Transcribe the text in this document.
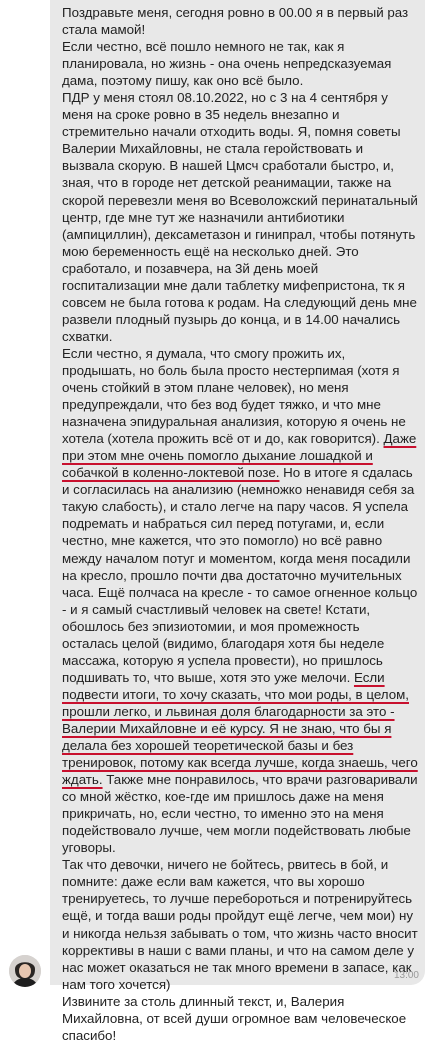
Поздравьте меня, сегодня ровно в 00.00 я в первый раз стала мамой!

Если честно, всё пошло немного не так, как я планировала, но жизнь - она очень непредсказуемая дама, поэтому пишу, как оно всё было.

ПДР у меня стоял 08.10.2022, но с 3 на 4 сентября у меня на сроке ровно в 35 недель внезапно и стремительно начали отходить воды. Я, помня советы Валерии Михайловны, не стала геройствовать и вызвала скорую. В нашей Цмсч сработали быстро, и, зная, что в городе нет детской реанимации, также на скорой перевезли меня во Всеволожский перинатальный центр, где мне тут же назначили антибиотики (ампициллин), дексаметазон и гинипрал, чтобы потянуть мою беременность ещё на несколько дней. Это сработало, и позавчера, на 3й день моей госпитализации мне дали таблетку мифепристона, тк я совсем не была готова к родам. На следующий день мне развели плодный пузырь до конца, и в 14.00 начались схватки.

Если честно, я думала, что смогу прожить их, продышать, но боль была просто нестерпимая (хотя я очень стойкий в этом плане человек), но меня предупреждали, что без вод будет тяжко, и что мне назначена эпидуральная анализия, которую я очень не хотела (хотела прожить всё от и до, как говорится). Даже при этом мне очень помогло дыхание лошадкой и собачкой в коленно-локтевой позе. Но в итоге я сдалась и согласилась на анализию (немножко ненавидя себя за такую слабость), и стало легче на пару часов. Я успела подремать и набраться сил перед потугами, и, если честно, мне кажется, что это помогло) но всё равно между началом потуг и моментом, когда меня посадили на кресло, прошло почти два достаточно мучительных часа. Ещё полчаса на кресле - то самое огненное кольцо - и я самый счастливый человек на свете! Кстати, обошлось без эпизиотомии, и моя промежность осталась целой (видимо, благодаря хотя бы неделе массажа, которую я успела провести), но пришлось подшивать то, что выше, хотя это уже мелочи. Если подвести итоги, то хочу сказать, что мои роды, в целом, прошли легко, и львиная доля благодарности за это - Валерии Михайловне и её курсу. Я не знаю, что бы я делала без хорошей теоретической базы и без тренировок, потому как всегда лучше, когда знаешь, чего ждать. Также мне понравилось, что врачи разговаривали со мной жёстко, кое-где им пришлось даже на меня прикричать, но, если честно, то именно это на меня подействовало лучше, чем могли подействовать любые уговоры.

Так что девочки, ничего не бойтесь, рвитесь в бой, и помните: даже если вам кажется, что вы хорошо тренируетесь, то лучше перебороться и потренируйтесь ещё, и тогда ваши роды пройдут ещё легче, чем мои) ну и никогда нельзя забывать о том, что жизнь часто вносит коррективы в наши с вами планы, и что на самом деле у нас может оказаться не так много времени в запасе, как нам того хочется)

Извините за столь длинный текст, и, Валерия Михайловна, от всей души огромное вам человеческое спасибо!

13:00
